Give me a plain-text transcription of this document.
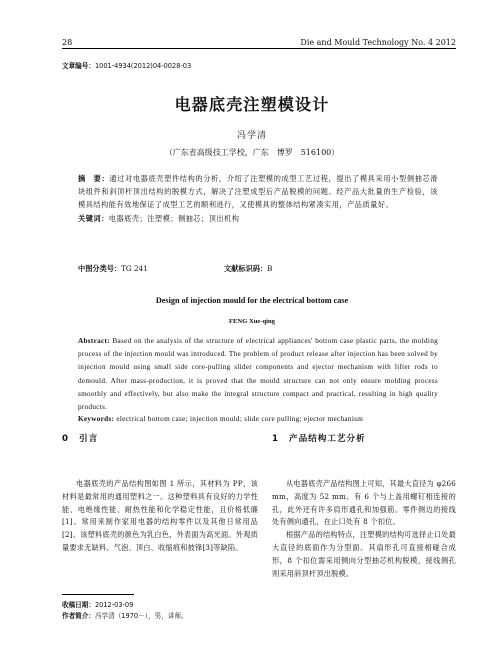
28	Die and Mould Technology No. 4 2012
文章编号：1001-4934(2012)04-0028-03
电器底壳注塑模设计
冯学清
（广东省高级技工学校，广东　博罗　516100）
摘　要：通过对电器底壳塑件结构的分析，介绍了注塑模的成型工艺过程，提出了模具采用小型侧抽芯滑块组件和斜顶杆顶出结构的脱模方式，解决了注塑成型后产品脱模的问题。经产品大批量的生产检验，该模具结构能有效地保证了成型工艺的顺利进行，又使模具的整体结构紧凑实用，产品质量好。
关键词：电器底壳；注塑模；侧抽芯；顶出机构
中图分类号：TG 241	文献标识码：B
Design of injection mould for the electrical bottom case
FENG Xue-qing
Abstract: Based on the analysis of the structure of electrical appliances' bottom case plastic parts, the molding process of the injection mould was introduced. The problem of product release after injection has been solved by injection mould using small side core-pulling slider components and ejector mechanism with lifter rods to demould. After mass-production, it is proved that the mould structure can not only ensure molding process smoothly and effectively, but also make the integral structure compact and practical, resulting in high quality products.
Keywords: electrical bottom case; injection mould; slide core pulling; ejector mechanism
0 引言

电器底壳的产品结构图如图 1 所示，其材料为 PP，该材料是最常用的通用塑料之一。这种塑料具有良好的力学性能、电绝缘性能、耐热性能和化学稳定性能，且价格低廉[1]。常用来制作家用电器的结构零件以及其他日常用品[2]。该塑料底壳的颜色为乳白色，外表面为高光面。外观质量要求无缺料、气泡、顶白、收缩痕和披锋[3]等缺陷。

1 产品结构工艺分析

从电器底壳产品结构图上可知，其最大直径为 φ266 mm，高度为 52 mm。有 6 个与上盖用螺钉相连接的孔，此外还有许多肩形通孔和加强筋。零件侧边的接线处有侧向通孔，在止口处有 8 个扣位。

根据产品的结构特点，注塑模的结构可选择止口处最大直径的底面作为分型面。其扇形孔可直接相碰合成形，8 个扣位需采用侧向分型抽芯机构脱模，接线侧孔则采用斜顶杆顶出脱模。

收稿日期：2012-03-09
作者简介：冯学清（1970－），男，讲师。
